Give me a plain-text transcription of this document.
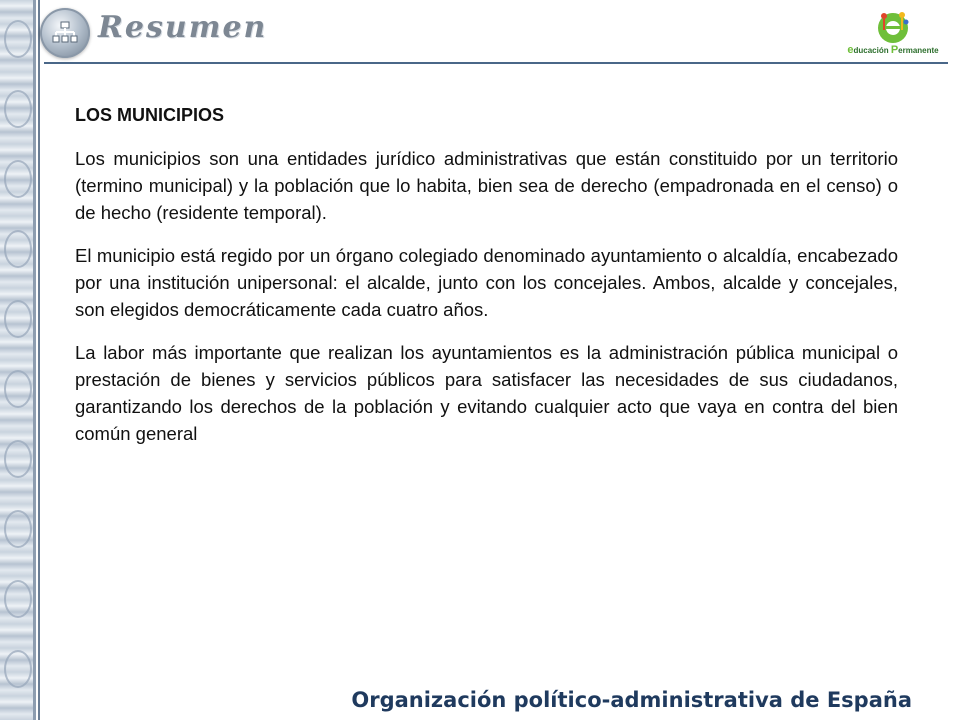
Resumen
educación Permanente

LOS MUNICIPIOS

Los municipios son una entidades jurídico administrativas que están constituido por un territorio (termino municipal) y la población que lo habita, bien sea de derecho (empadronada en el censo) o de hecho (residente temporal).

El municipio está regido por un órgano colegiado denominado ayuntamiento o alcaldía, encabezado por una institución unipersonal: el alcalde, junto con los concejales. Ambos, alcalde y concejales, son elegidos democráticamente cada cuatro años.

La labor más importante que realizan los ayuntamientos es la administración pública municipal o prestación de bienes y servicios públicos para satisfacer las necesidades de sus ciudadanos, garantizando los derechos de la población y evitando cualquier acto que vaya en contra del bien común general

Organización político-administrativa de España
